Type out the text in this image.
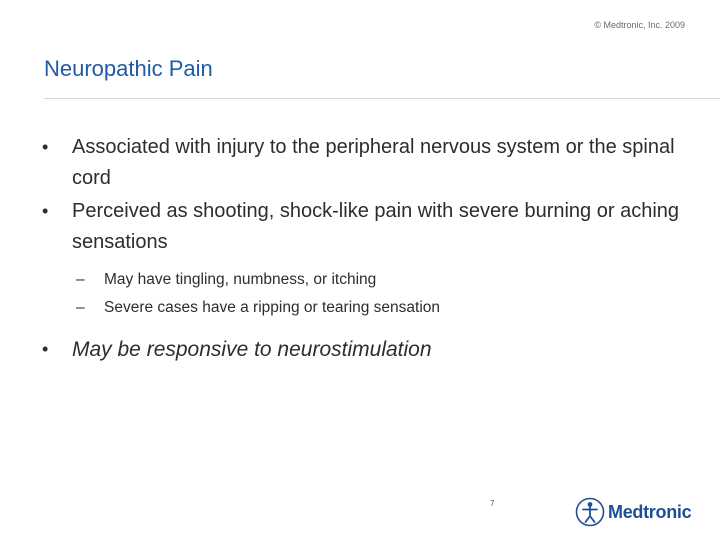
© Medtronic, Inc. 2009
Neuropathic Pain
• Associated with injury to the peripheral nervous system or the spinal cord
• Perceived as shooting, shock-like pain with severe burning or aching sensations
– May have tingling, numbness, or itching
– Severe cases have a ripping or tearing sensation
• May be responsive to neurostimulation
7	Medtronic
